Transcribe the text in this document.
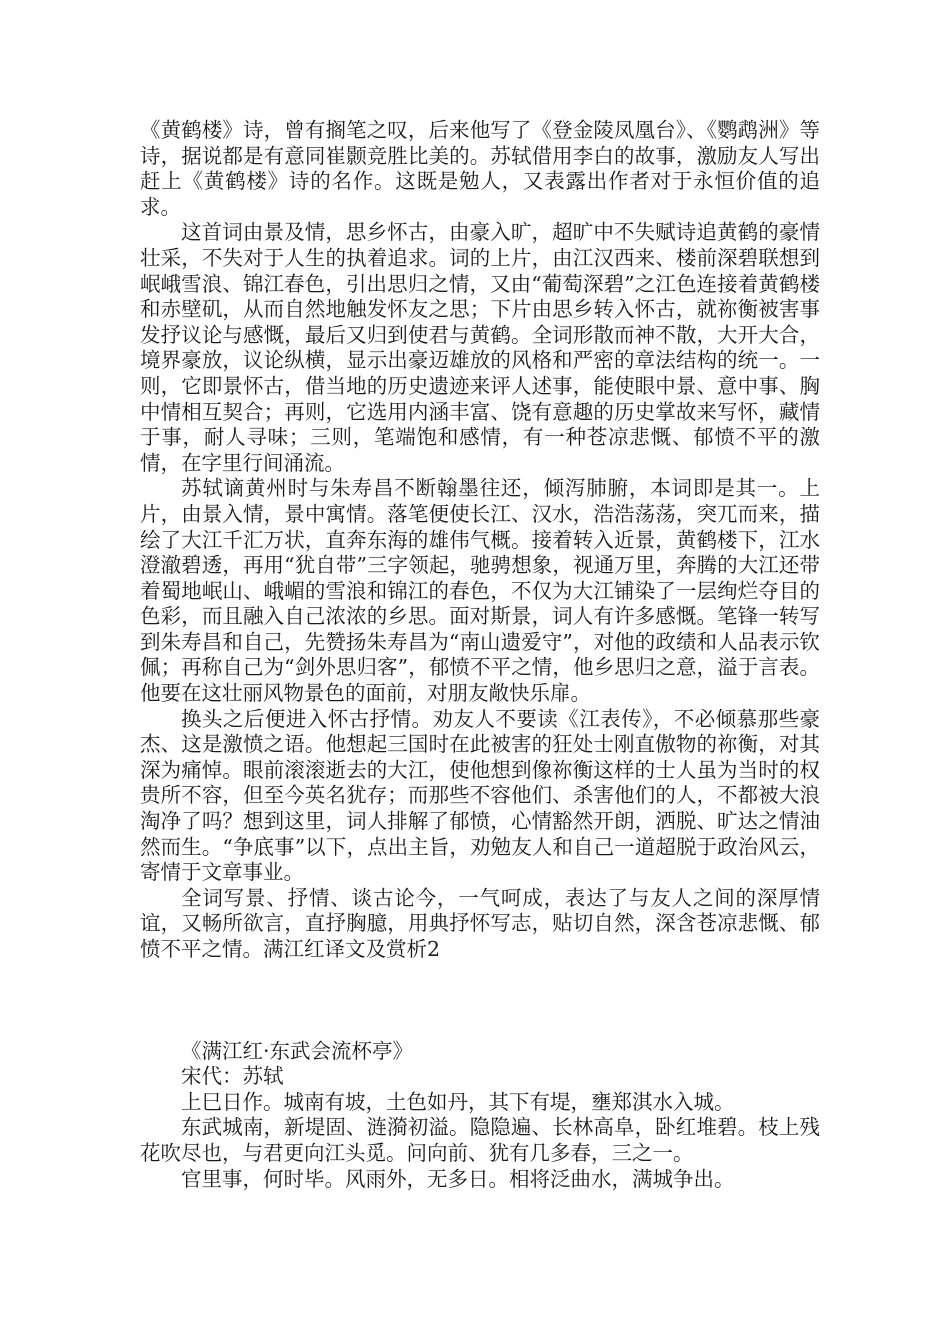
《黄鹤楼》诗，曾有搁笔之叹，后来他写了《登金陵凤凰台》、《鹦鹉洲》等诗，据说都是有意同崔颢竞胜比美的。苏轼借用李白的故事，激励友人写出赶上《黄鹤楼》诗的名作。这既是勉人，又表露出作者对于永恒价值的追求。

这首词由景及情，思乡怀古，由豪入旷，超旷中不失赋诗追黄鹤的豪情壮采，不失对于人生的执着追求。词的上片，由江汉西来、楼前深碧联想到岷峨雪浪、锦江春色，引出思归之情，又由“葡萄深碧”之江色连接着黄鹤楼和赤壁矶，从而自然地触发怀友之思；下片由思乡转入怀古，就祢衡被害事发抒议论与感慨，最后又归到使君与黄鹤。全词形散而神不散，大开大合，境界豪放，议论纵横，显示出豪迈雄放的风格和严密的章法结构的统一。一则，它即景怀古，借当地的历史遗迹来评人述事，能使眼中景、意中事、胸中情相互契合；再则，它选用内涵丰富、饶有意趣的历史掌故来写怀，藏情于事，耐人寻味；三则，笔端饱和感情，有一种苍凉悲慨、郁愤不平的激情，在字里行间涌流。

苏轼谪黄州时与朱寿昌不断翰墨往还，倾泻肺腑，本词即是其一。上片，由景入情，景中寓情。落笔便使长江、汉水，浩浩荡荡，突兀而来，描绘了大江千汇万状，直奔东海的雄伟气概。接着转入近景，黄鹤楼下，江水澄澈碧透，再用“犹自带”三字领起，驰骋想象，视通万里，奔腾的大江还带着蜀地岷山、峨嵋的雪浪和锦江的春色，不仅为大江铺染了一层绚烂夺目的色彩，而且融入自己浓浓的乡思。面对斯景，词人有许多感慨。笔锋一转写到朱寿昌和自己，先赞扬朱寿昌为“南山遗爱守”，对他的政绩和人品表示钦佩；再称自己为“剑外思归客”，郁愤不平之情，他乡思归之意，溢于言表。他要在这壮丽风物景色的面前，对朋友敞快乐扉。

换头之后便进入怀古抒情。劝友人不要读《江表传》，不必倾慕那些豪杰、这是激愤之语。他想起三国时在此被害的狂处士刚直傲物的祢衡，对其深为痛悼。眼前滚滚逝去的大江，使他想到像祢衡这样的士人虽为当时的权贵所不容，但至今英名犹存；而那些不容他们、杀害他们的人，不都被大浪淘净了吗？想到这里，词人排解了郁愤，心情豁然开朗，洒脱、旷达之情油然而生。“争底事”以下，点出主旨，劝勉友人和自己一道超脱于政治风云，寄情于文章事业。

全词写景、抒情、谈古论今，一气呵成，表达了与友人之间的深厚情谊，又畅所欲言，直抒胸臆，用典抒怀写志，贴切自然，深含苍凉悲慨、郁愤不平之情。满江红译文及赏析2

《满江红·东武会流杯亭》

宋代：苏轼

上巳日作。城南有坡，土色如丹，其下有堤，壅郑淇水入城。

东武城南，新堤固、涟漪初溢。隐隐遍、长林高阜，卧红堆碧。枝上残花吹尽也，与君更向江头觅。问向前、犹有几多春，三之一。

官里事，何时毕。风雨外，无多日。相将泛曲水，满城争出。
